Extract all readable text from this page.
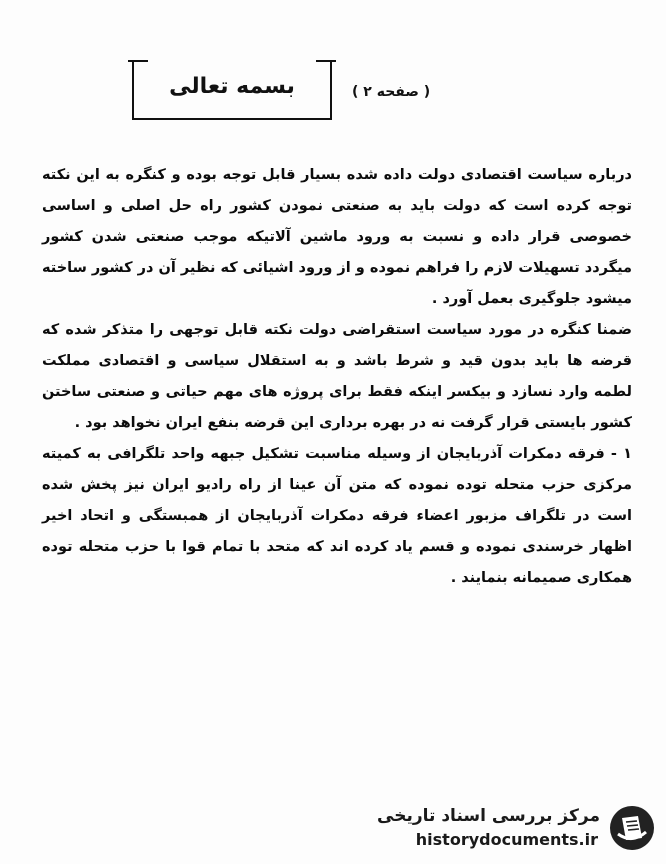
بسمه تعالی	( صفحه ۲ )

درباره سیاست اقتصادی دولت داده شده بسیار قابل توجه بوده و کنگره به این نکته توجه کرده است که دولت باید به صنعتی نمودن کشور راه حل اصلی و اساسی خصوصی قرار داده و نسبت به ورود ماشین آلاتیکه موجب صنعتی شدن کشور میگردد تسهیلات لازم را فراهم نموده و از ورود اشیائی که نظیر آن در کشور ساخته میشود جلوگیری بعمل آورد .

ضمنا کنگره در مورد سیاست استقراضی دولت نکته قابل توجهی را متذکر شده که قرضه ها باید بدون قید و شرط باشد و به استقلال سیاسی و اقتصادی مملکت لطمه وارد نسازد و بیکسر اینکه فقط برای پروژه های مهم حیاتی و صنعتی ساختن کشور بایستی قرار گرفت نه در بهره برداری این قرضه بنفع ایران نخواهد بود .

۱ - فرقه دمکرات آذربایجان از وسیله مناسبت تشکیل جبهه واحد تلگرافی به کمیته مرکزی حزب متحله توده نموده که متن آن عینا از راه رادیو ایران نیز پخش شده است در تلگراف مزبور اعضاء فرقه دمکرات آذربایجان از همبستگی و اتحاد اخیر اظهار خرسندی نموده و قسم یاد کرده اند که متحد با تمام قوا با حزب متحله توده همکاری صمیمانه بنمایند .

مرکز بررسی اسناد تاریخی
historydocuments.ir
